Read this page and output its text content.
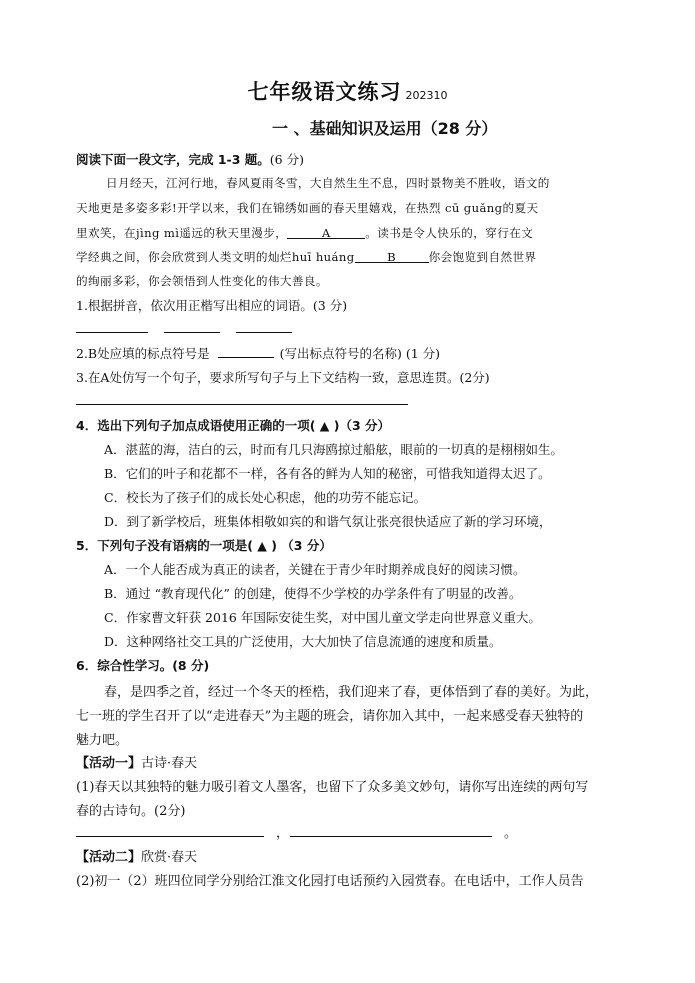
七年级语文练习 202310
一 、基础知识及运用（28 分）
阅读下面一段文字，完成 1-3 题。(6 分)
日月经天，江河行地，春风夏雨冬雪，大自然生生不息，四时景物美不胜收，语文的
天地更是多姿多彩!开学以来，我们在锦绣如画的春天里嬉戏，在热烈 cū guǎng的夏天
里欢笑，在jìng mì遥远的秋天里漫步，	A	。读书是令人快乐的，穿行在文
学经典之间，你会欣赏到人类文明的灿烂huī huáng	B	你会饱览到自然世界
的绚丽多彩，你会领悟到人性变化的伟大善良。
1.根据拼音，依次用正楷写出相应的词语。(3 分)
2.B处应填的标点符号是	(写出标点符号的名称) (1 分)
3.在A处仿写一个句子，要求所写句子与上下文结构一致，意思连贯。(2分)
4．选出下列句子加点成语使用正确的一项( ▲ )（3 分）
A．湛蓝的海，洁白的云，时而有几只海鸥掠过船舷，眼前的一切真的是栩栩如生。
B．它们的叶子和花都不一样，各有各的鲜为人知的秘密，可惜我知道得太迟了。
C．校长为了孩子们的成长处心积虑，他的功劳不能忘记。
D．到了新学校后，班集体相敬如宾的和谐气氛让张亮很快适应了新的学习环境，
5．下列句子没有语病的一项是( ▲ ) （3 分）
A．一个人能否成为真正的读者，关键在于青少年时期养成良好的阅读习惯。
B．通过 “教育现代化” 的创建，使得不少学校的办学条件有了明显的改善。
C．作家曹文轩获 2016 年国际安徒生奖，对中国儿童文学走向世界意义重大。
D．这种网络社交工具的广泛使用，大大加快了信息流通的速度和质量。
6．综合性学习。(8 分)
春，是四季之首，经过一个冬天的桎梏，我们迎来了春，更体悟到了春的美好。为此，
七一班的学生召开了以“走进春天”为主题的班会，请你加入其中，一起来感受春天独特的
魅力吧。
【活动一】古诗·春天
(1)春天以其独特的魅力吸引着文人墨客，也留下了众多美文妙句，请你写出连续的两句写
春的古诗句。(2分)
，	。
【活动二】欣赏·春天
(2)初一（2）班四位同学分别给江淮文化园打电话预约入园赏春。在电话中，工作人员告
